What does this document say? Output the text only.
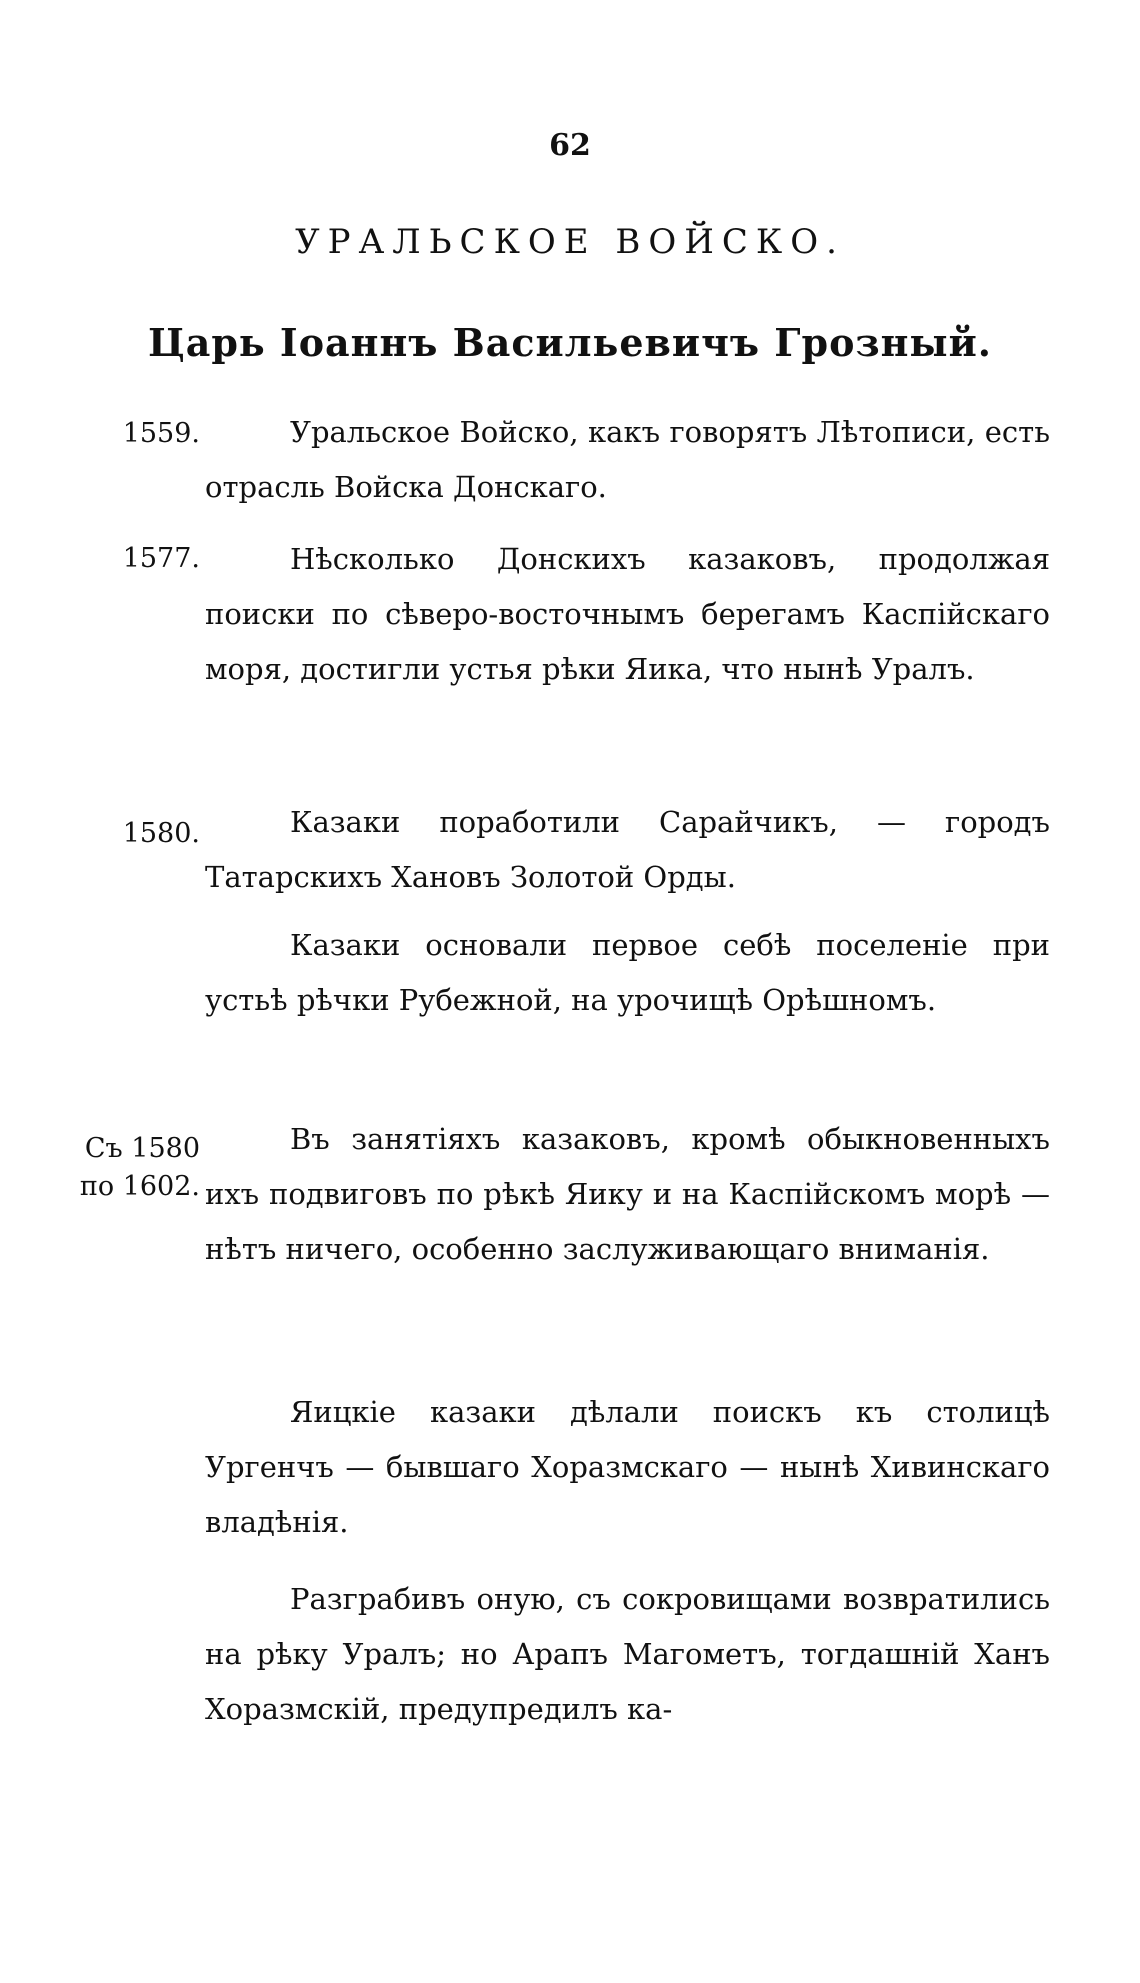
62
УРАЛЬСКОЕ ВОЙСКО.
Царь Іоаннъ Васильевичъ Грозный.
1559.
1577.
1580.
Съ 1580
по 1602.

Уральское Войско, какъ говорятъ Лѣтописи, есть отрасль Войска Донскаго.

Нѣсколько Донскихъ казаковъ, продолжая поиски по сѣверо-восточнымъ берегамъ Каспійскаго моря, достигли устья рѣки Яика, что нынѣ Уралъ.

Казаки поработили Сарайчикъ, — городъ Татарскихъ Хановъ Золотой Орды.

Казаки основали первое себѣ поселеніе при устьѣ рѣчки Рубежной, на урочищѣ Орѣшномъ.

Въ занятіяхъ казаковъ, кромѣ обыкновенныхъ ихъ подвиговъ по рѣкѣ Яику и на Каспійскомъ морѣ — нѣтъ ничего, особенно заслуживающаго вниманія.

Яицкіе казаки дѣлали поискъ къ столицѣ Ургенчъ — бывшаго Хоразмскаго — нынѣ Хивинскаго владѣнія.

Разграбивъ оную, съ сокровищами возвратились на рѣку Уралъ; но Арапъ Магометъ, тогдашній Ханъ Хоразмскій, предупредилъ ка-
